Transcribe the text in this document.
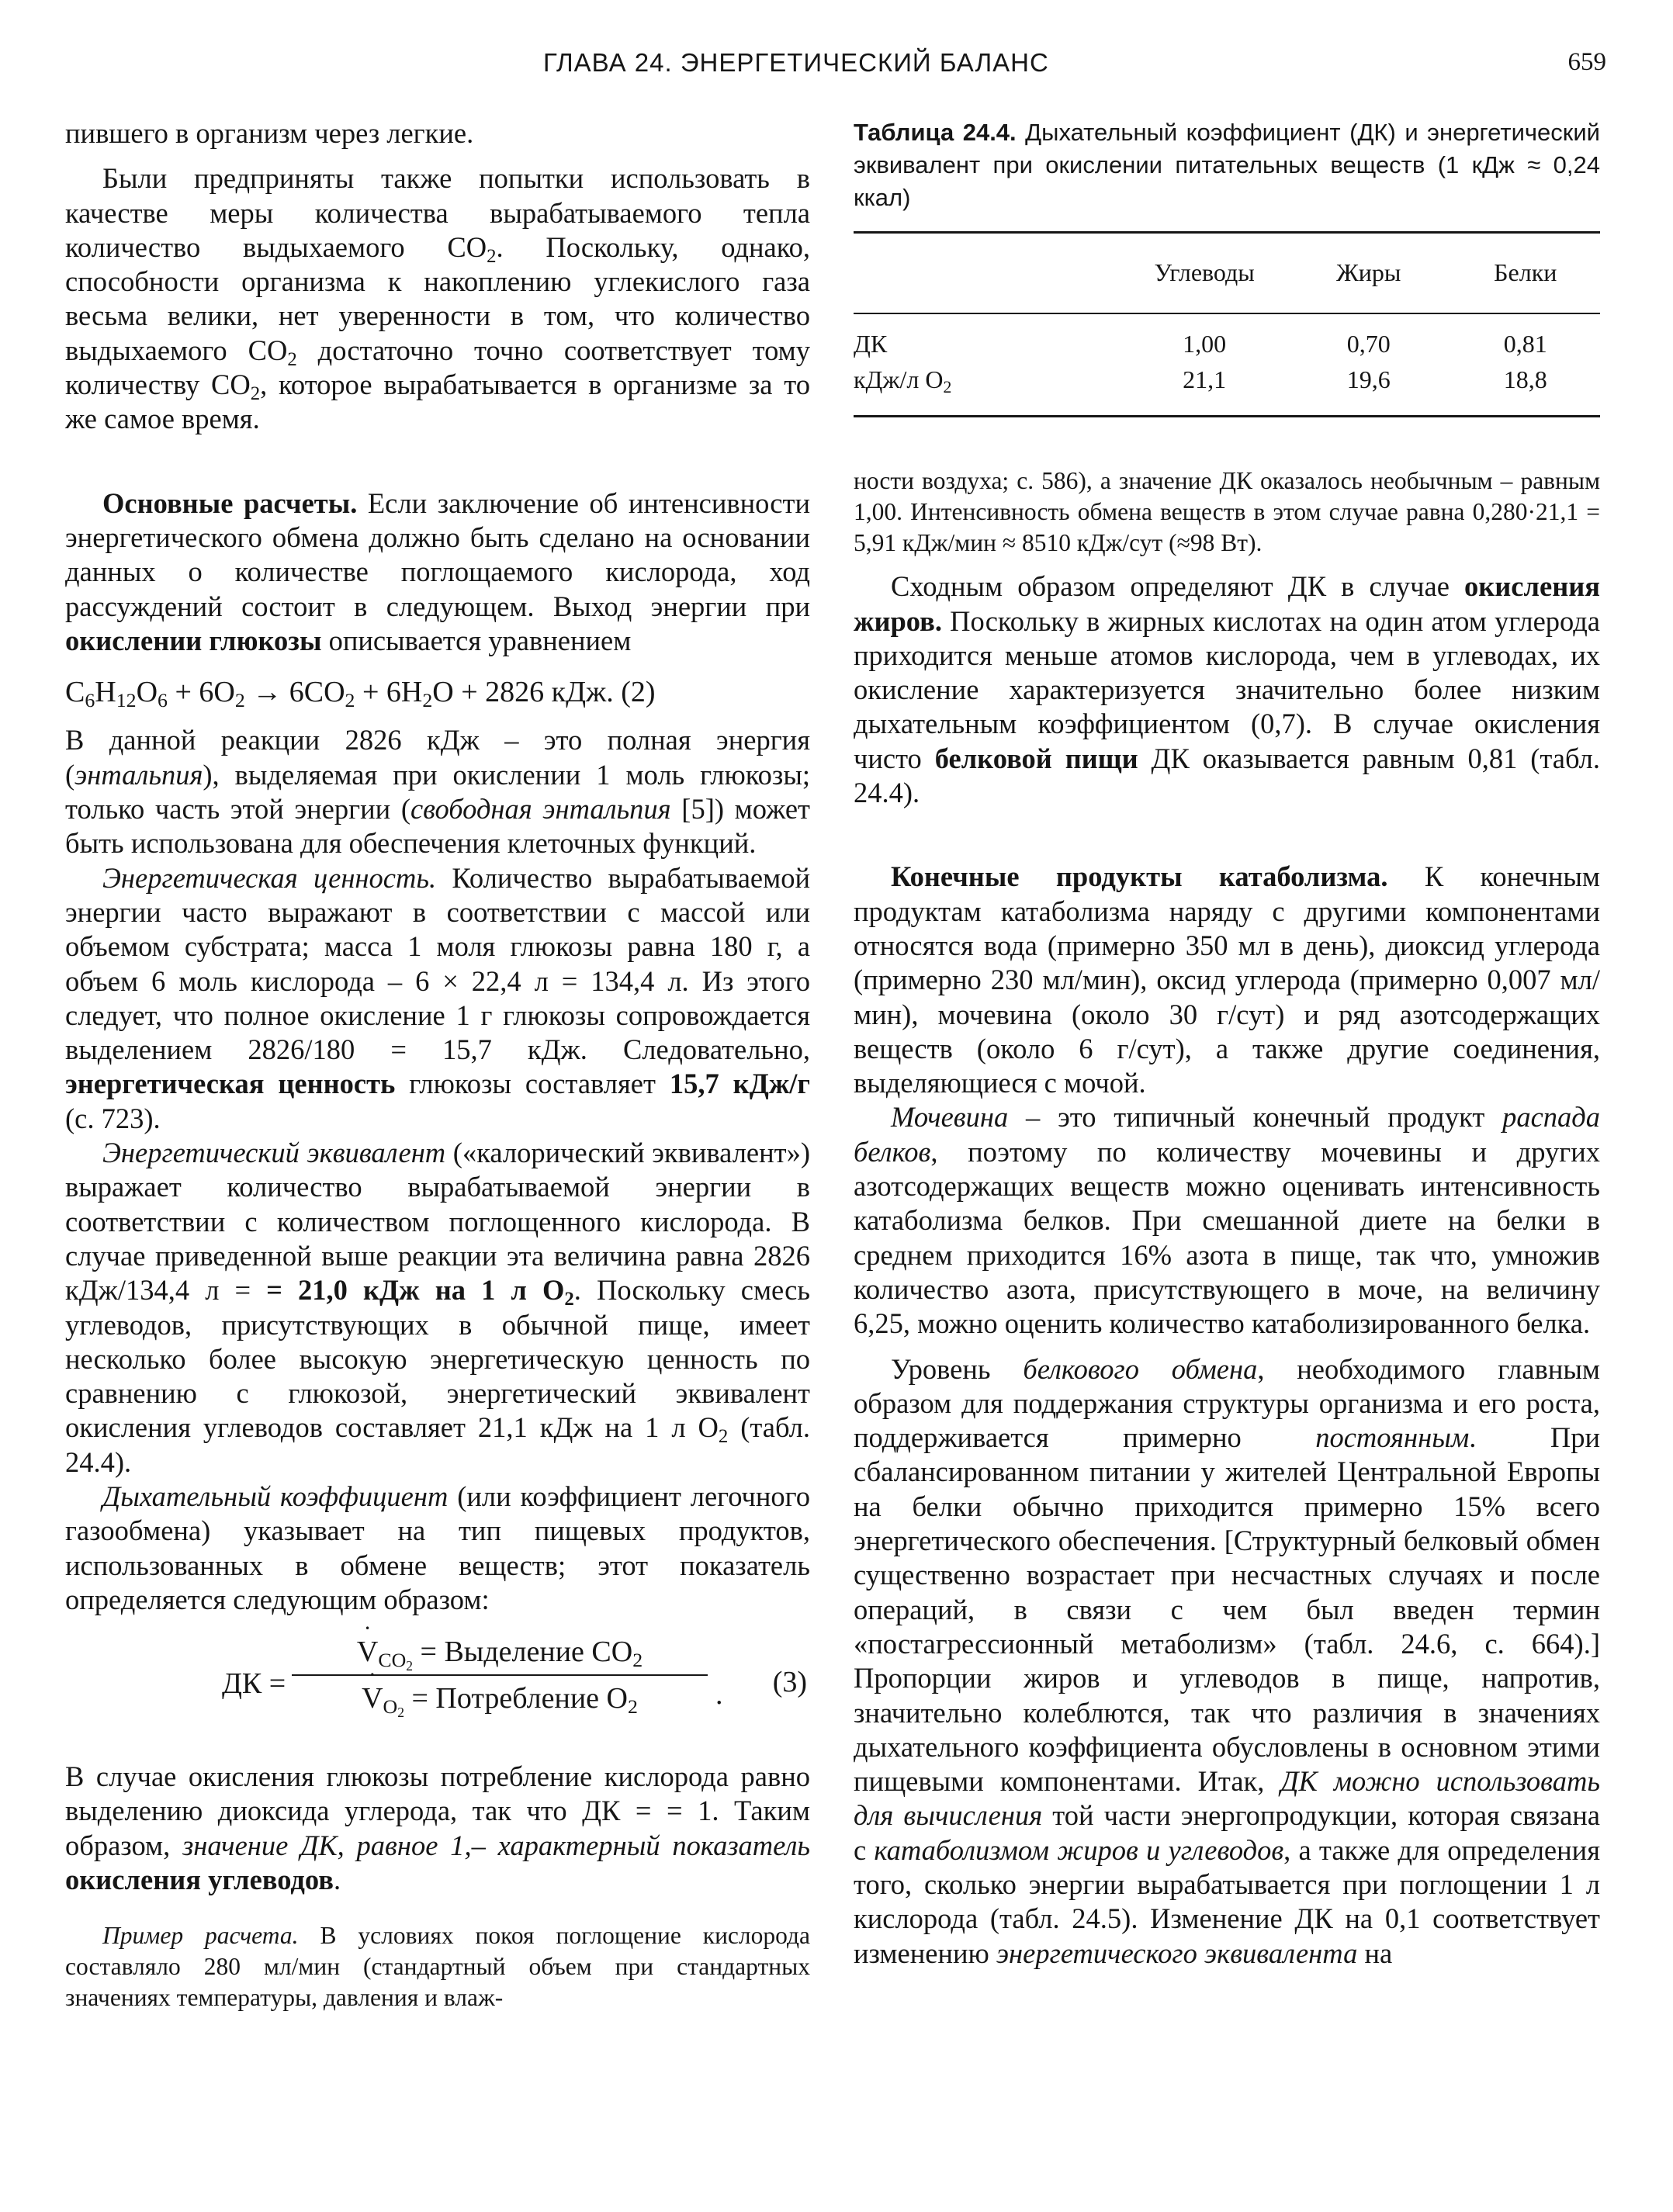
ГЛАВА 24. ЭНЕРГЕТИЧЕСКИЙ БАЛАНС	659

пившего в организм через легкие.

Были предприняты также попытки использовать в качестве меры количества вырабатываемого тепла количество выдыхаемого $CO_2$. Поскольку, однако, способности организма к накоплению углекислого газа весьма велики, нет уверенности в том, что количество выдыхаемого $CO_2$ достаточно точно соответствует тому количеству $CO_2$, которое вырабатывается в организме за то же самое время.

Основные расчеты. Если заключение об интенсивности энергетического обмена должно быть сделано на основании данных о количестве поглощаемого кислорода, ход рассуждений состоит в следующем. Выход энергии при окислении глюкозы описывается уравнением

$C_6H_{12}O_6 + 6O_2 \to 6CO_2 + 6H_2O + 2826$ кДж. (2)

В данной реакции 2826 кДж – это полная энергия (энтальпия), выделяемая при окислении 1 моль глюкозы; только часть этой энергии (свободная энтальпия [5]) может быть использована для обеспечения клеточных функций.

Энергетическая ценность. Количество вырабатываемой энергии часто выражают в соответствии с массой или объемом субстрата; масса 1 моля глюкозы равна 180 г, а объем 6 моль кислорода – 6 × 22,4 л = 134,4 л. Из этого следует, что полное окисление 1 г глюкозы сопровождается выделением 2826/180 = 15,7 кДж. Следовательно, энергетическая ценность глюкозы составляет 15,7 кДж/г (с. 723).

Энергетический эквивалент («калорический эквивалент») выражает количество вырабатываемой энергии в соответствии с количеством поглощенного кислорода. В случае приведенной выше реакции эта величина равна 2826 кДж/134,4 л = = 21,0 кДж на 1 л $O_2$. Поскольку смесь углеводов, присутствующих в обычной пище, имеет несколько более высокую энергетическую ценность по сравнению с глюкозой, энергетический эквивалент окисления углеводов составляет 21,1 кДж на 1 л $O_2$ (табл. 24.4).

Дыхательный коэффициент (или коэффициент легочного газообмена) указывает на тип пищевых продуктов, использованных в обмене веществ; этот показатель определяется следующим образом:

ДК =
˙ $V_{CO_2}$ = Выделение $CO_2$
˙ $V_{O_2}$ = Потребление $O_2$	. (3)

В случае окисления глюкозы потребление кислорода равно выделению диоксида углерода, так что ДК = = 1. Таким образом, значение ДК, равное 1,– характерный показатель окисления углеводов.

Пример расчета. В условиях покоя поглощение кислорода составляло 280 мл/мин (стандартный объем при стандартных значениях температуры, давления и влаж-

Таблица 24.4. Дыхательный коэффициент (ДК) и энергетический эквивалент при окислении питательных веществ (1 кДж ≈ 0,24 ккал)
	Углеводы	Жиры	Белки
ДК	1,00	0,70	0,81
кДж/л $O_2$	21,1	19,6	18,8

ности воздуха; с. 586), а значение ДК оказалось необычным – равным 1,00. Интенсивность обмена веществ в этом случае равна 0,280·21,1 = 5,91 кДж/мин ≈ 8510 кДж/сут (≈98 Вт).

Сходным образом определяют ДК в случае окисления жиров. Поскольку в жирных кислотах на один атом углерода приходится меньше атомов кислорода, чем в углеводах, их окисление характеризуется значительно более низким дыхательным коэффициентом (0,7). В случае окисления чисто белковой пищи ДК оказывается равным 0,81 (табл. 24.4).

Конечные продукты катаболизма. К конечным продуктам катаболизма наряду с другими компонентами относятся вода (примерно 350 мл в день), диоксид углерода (примерно 230 мл/мин), оксид углерода (примерно 0,007 мл/мин), мочевина (около 30 г/сут) и ряд азотсодержащих веществ (около 6 г/сут), а также другие соединения, выделяющиеся с мочой.

Мочевина – это типичный конечный продукт распада белков, поэтому по количеству мочевины и других азотсодержащих веществ можно оценивать интенсивность катаболизма белков. При смешанной диете на белки в среднем приходится 16% азота в пище, так что, умножив количество азота, присутствующего в моче, на величину 6,25, можно оценить количество катаболизированного белка.

Уровень белкового обмена, необходимого главным образом для поддержания структуры организма и его роста, поддерживается примерно постоянным. При сбалансированном питании у жителей Центральной Европы на белки обычно приходится примерно 15% всего энергетического обеспечения. [Структурный белковый обмен существенно возрастает при несчастных случаях и после операций, в связи с чем был введен термин «постагрессионный метаболизм» (табл. 24.6, с. 664).] Пропорции жиров и углеводов в пище, напротив, значительно колеблются, так что различия в значениях дыхательного коэффициента обусловлены в основном этими пищевыми компонентами. Итак, ДК можно использовать для вычисления той части энергопродукции, которая связана с катаболизмом жиров и углеводов, а также для определения того, сколько энергии вырабатывается при поглощении 1 л кислорода (табл. 24.5). Изменение ДК на 0,1 соответствует изменению энергетического эквивалента на
